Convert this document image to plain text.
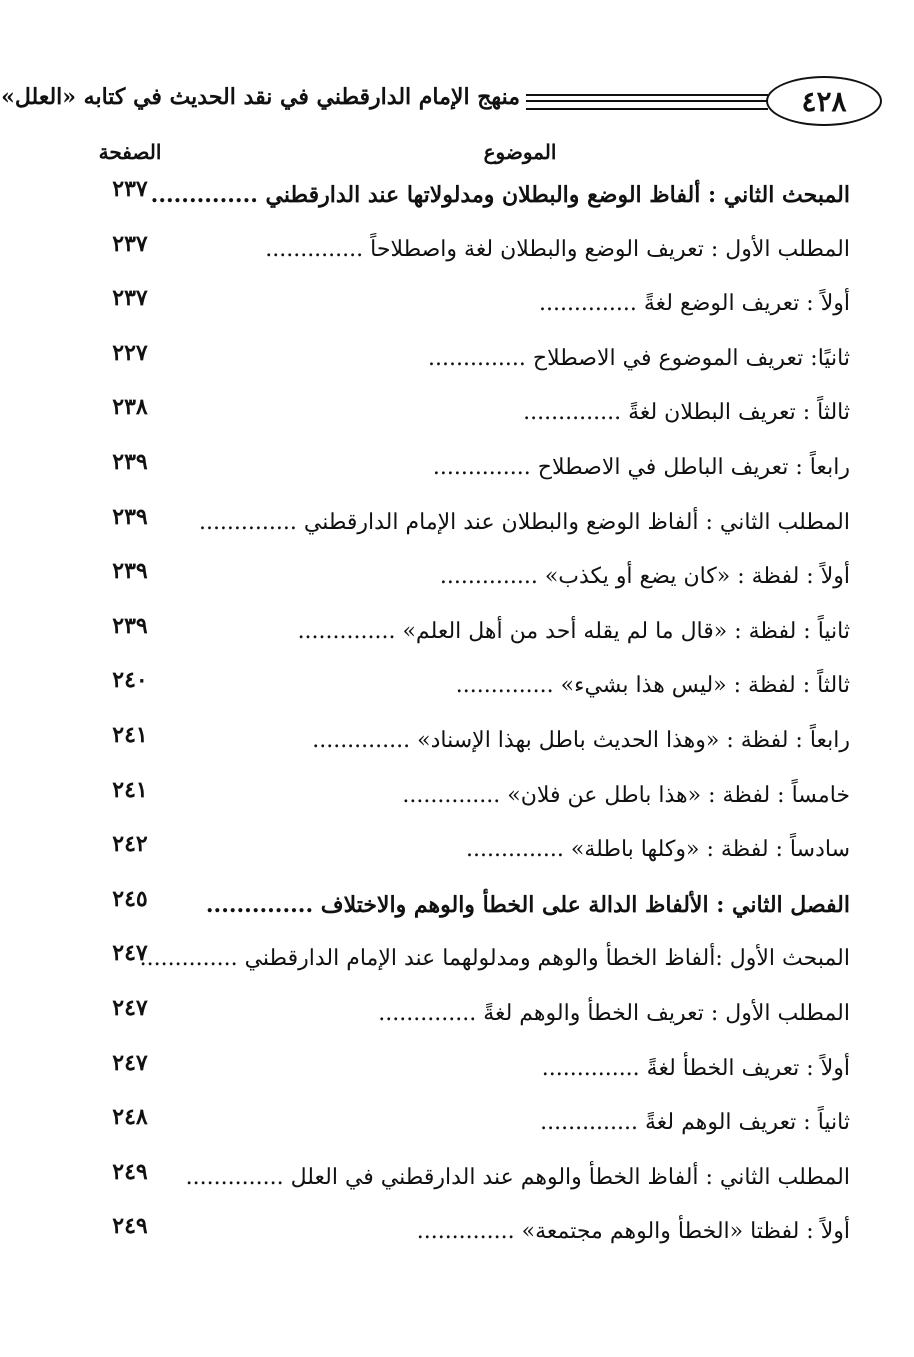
٤٢٨
منهج الإمام الدارقطني في نقد الحديث في كتابه «العلل»
الموضوع
الصفحة
المبحث الثاني : ألفاظ الوضع والبطلان ومدلولاتها عند الدارقطني ..............
٢٣٧
المطلب الأول : تعريف الوضع والبطلان لغة واصطلاحاً ..............
٢٣٧
أولاً : تعريف الوضع لغةً ..............
٢٣٧
ثانيًا: تعريف الموضوع في الاصطلاح ..............
٢٢٧
ثالثاً : تعريف البطلان لغةً ..............
٢٣٨
رابعاً : تعريف الباطل في الاصطلاح ..............
٢٣٩
المطلب الثاني : ألفاظ الوضع والبطلان عند الإمام الدارقطني ..............
٢٣٩
أولاً : لفظة : «كان يضع أو يكذب» ..............
٢٣٩
ثانياً : لفظة : «قال ما لم يقله أحد من أهل العلم» ..............
٢٣٩
ثالثاً : لفظة : «ليس هذا بشيء» ..............
٢٤٠
رابعاً : لفظة : «وهذا الحديث باطل بهذا الإسناد» ..............
٢٤١
خامساً : لفظة : «هذا باطل عن فلان» ..............
٢٤١
سادساً : لفظة : «وكلها باطلة» ..............
٢٤٢
الفصل الثاني : الألفاظ الدالة على الخطأ والوهم والاختلاف ..............
٢٤٥
المبحث الأول :ألفاظ الخطأ والوهم ومدلولهما عند الإمام الدارقطني ..............
٢٤٧
المطلب الأول : تعريف الخطأ والوهم لغةً ..............
٢٤٧
أولاً : تعريف الخطأ لغةً ..............
٢٤٧
ثانياً : تعريف الوهم لغةً ..............
٢٤٨
المطلب الثاني : ألفاظ الخطأ والوهم عند الدارقطني في العلل ..............
٢٤٩
أولاً : لفظتا «الخطأ والوهم مجتمعة» ..............
٢٤٩
